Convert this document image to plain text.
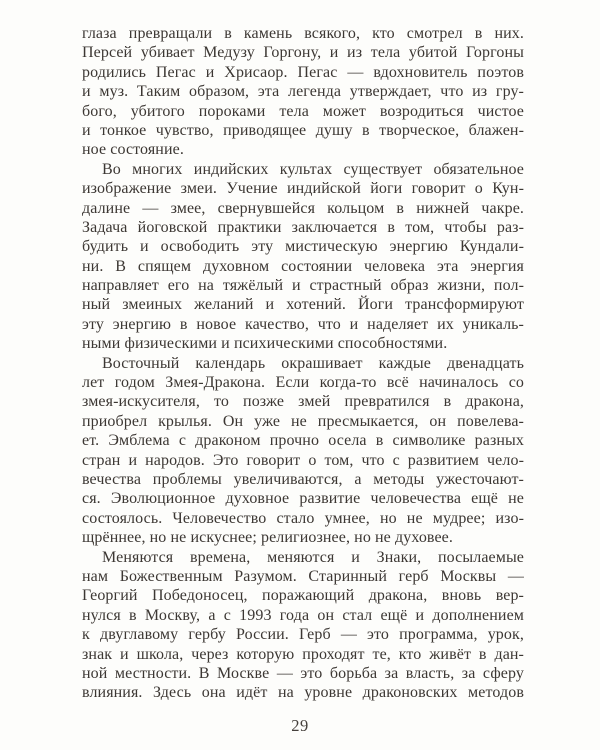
глаза превращали в камень всякого, кто смотрел в них.
Персей убивает Медузу Горгону, и из тела убитой Горгоны
родились Пегас и Хрисаор. Пегас — вдохновитель поэтов
и муз. Таким образом, эта легенда утверждает, что из гру-
бого, убитого пороками тела может возродиться чистое
и тонкое чувство, приводящее душу в творческое, блажен-
ное состояние.
Во многих индийских культах существует обязательное
изображение змеи. Учение индийской йоги говорит о Кун-
далине — змее, свернувшейся кольцом в нижней чакре.
Задача йоговской практики заключается в том, чтобы раз-
будить и освободить эту мистическую энергию Кундали-
ни. В спящем духовном состоянии человека эта энергия
направляет его на тяжёлый и страстный образ жизни, пол-
ный змеиных желаний и хотений. Йоги трансформируют
эту энергию в новое качество, что и наделяет их уникаль-
ными физическими и психическими способностями.
Восточный календарь окрашивает каждые двенадцать
лет годом Змея-Дракона. Если когда-то всё начиналось со
змея-искусителя, то позже змей превратился в дракона,
приобрел крылья. Он уже не пресмыкается, он повелева-
ет. Эмблема с драконом прочно осела в символике разных
стран и народов. Это говорит о том, что с развитием чело-
вечества проблемы увеличиваются, а методы ужесточают-
ся. Эволюционное духовное развитие человечества ещё не
состоялось. Человечество стало умнее, но не мудрее; изо-
щрённее, но не искуснее; религиознее, но не духовее.
Меняются времена, меняются и Знаки, посылаемые
нам Божественным Разумом. Старинный герб Москвы —
Георгий Победоносец, поражающий дракона, вновь вер-
нулся в Москву, а с 1993 года он стал ещё и дополнением
к двуглавому гербу России. Герб — это программа, урок,
знак и школа, через которую проходят те, кто живёт в дан-
ной местности. В Москве — это борьба за власть, за сферу
влияния. Здесь она идёт на уровне драконовских методов
29
